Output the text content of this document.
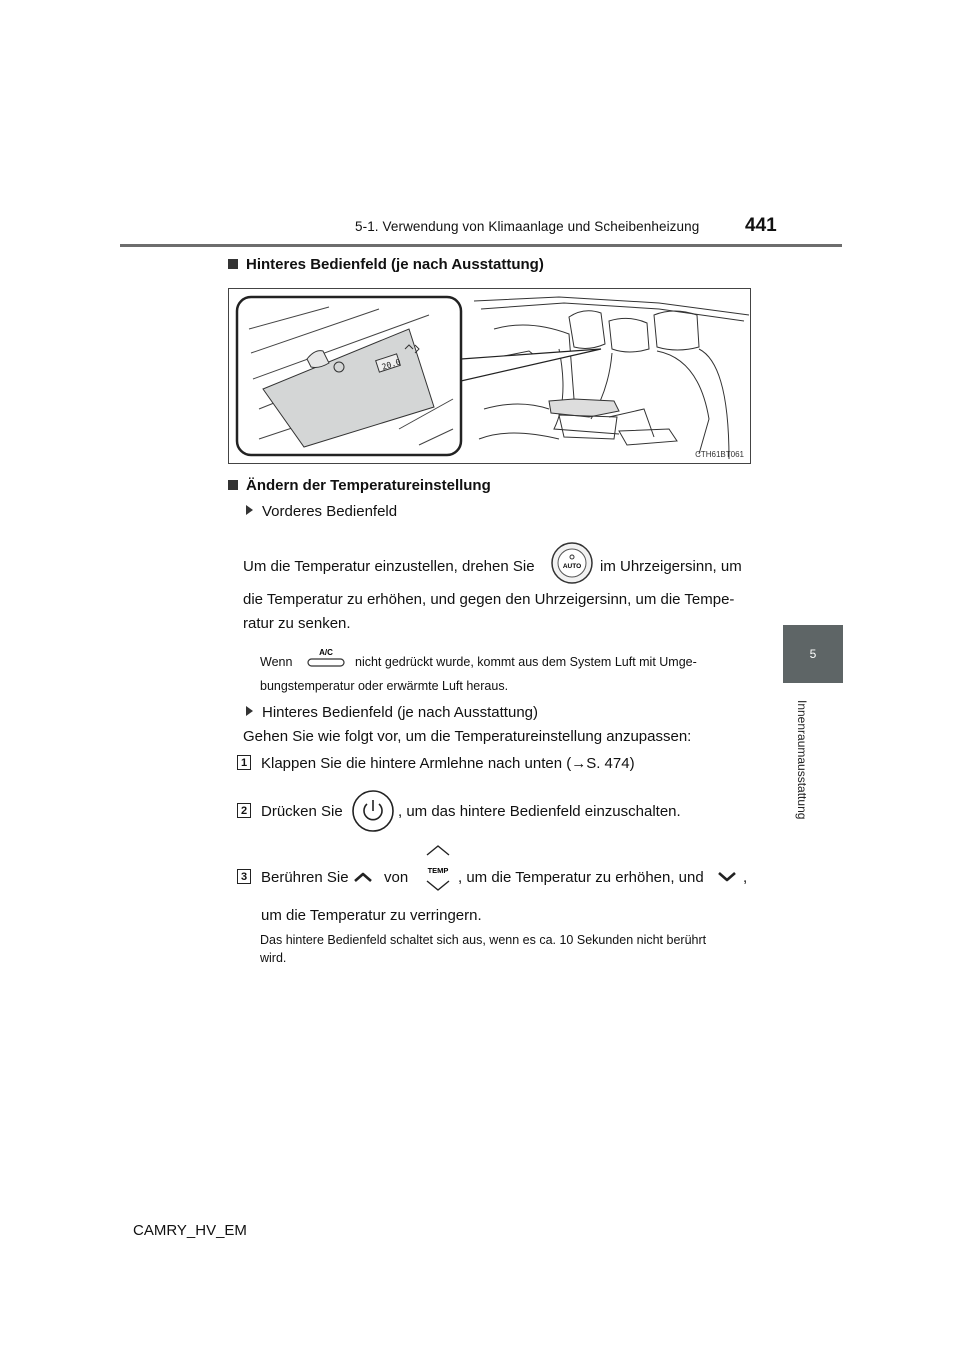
5-1. Verwendung von Klimaanlage und Scheibenheizung 441
5
Innenraumausstattung
Hinteres Bedienfeld (je nach Ausstattung)
20.0
CTH61BT061
Ändern der Temperatureinstellung
Vorderes Bedienfeld
Um die Temperatur einzustellen, drehen Sie	AUTO im Uhrzeigersinn, um
die Temperatur zu erhöhen, und gegen den Uhrzeigersinn, um die Tempe-
ratur zu senken.
Wenn
A/C
nicht gedrückt wurde, kommt aus dem System Luft mit Umge-
bungstemperatur oder erwärmte Luft heraus.
Hinteres Bedienfeld (je nach Ausstattung)
Gehen Sie wie folgt vor, um die Temperatureinstellung anzupassen:
1 Klappen Sie die hintere Armlehne nach unten (→S. 474)
2 Drücken Sie	, um das hintere Bedienfeld einzuschalten.
3 Berühren Sie von	TEMP , um die Temperatur zu erhöhen, und	,
um die Temperatur zu verringern.
Das hintere Bedienfeld schaltet sich aus, wenn es ca. 10 Sekunden nicht berührt
wird.
CAMRY_HV_EM
